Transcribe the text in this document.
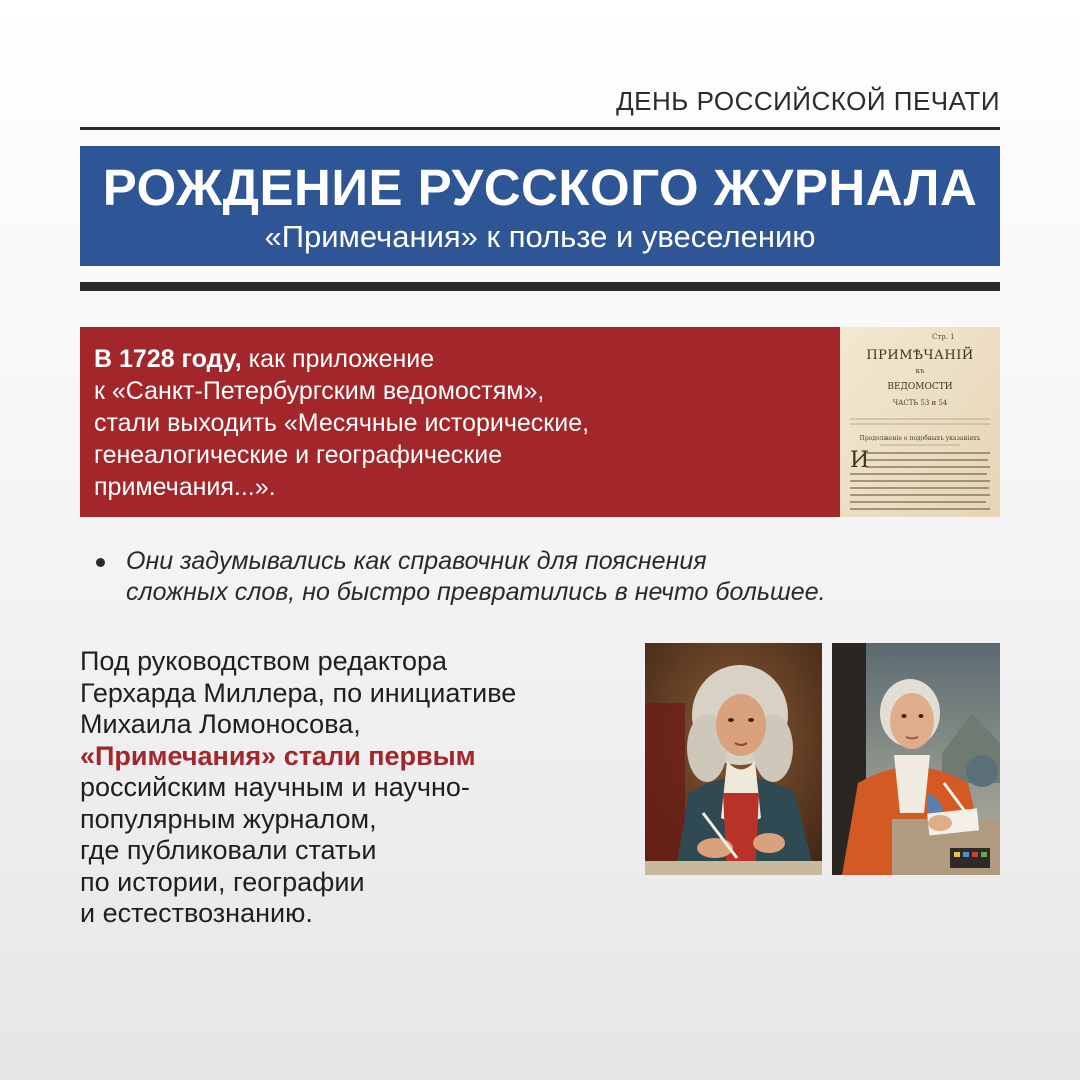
ДЕНЬ РОССИЙСКОЙ ПЕЧАТИ
РОЖДЕНИЕ РУССКОГО ЖУРНАЛА
«Примечания» к пользе и увеселению
В 1728 году, как приложение
к «Санкт-Петербургским ведомостям»,
стали выходить «Месячные исторические,
генеалогические и географические
примечания...».
Стр. 1
ПРИМѢЧАНІЙ
къ
ВЕДОМОСТИ
ЧАСТЬ 53 и 54
Продолженіе о подобныхъ указаніяхъ
И
Они задумывались как справочник для пояснения
сложных слов, но быстро превратились в нечто большее.
Под руководством редактора
Герхарда Миллера, по инициативе
Михаила Ломоносова,
«Примечания» стали первым
российским научным и научно-
популярным журналом,
где публиковали статьи
по истории, географии
и естествознанию.
